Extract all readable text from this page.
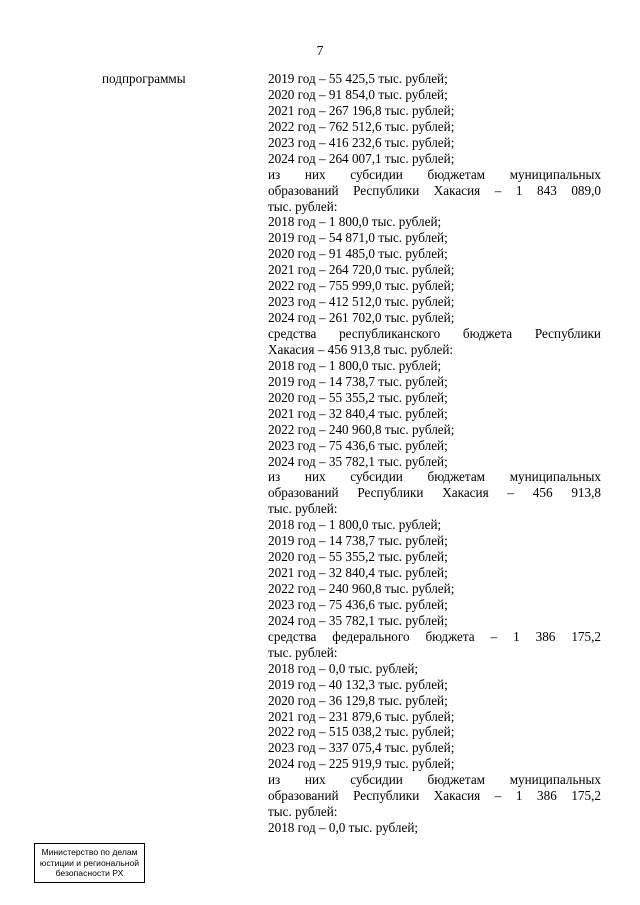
7
подпрограммы	2019 год – 55 425,5 тыс. рублей;
2020 год – 91 854,0 тыс. рублей;
2021 год – 267 196,8 тыс. рублей;
2022 год – 762 512,6 тыс. рублей;
2023 год – 416 232,6 тыс. рублей;
2024 год – 264 007,1 тыс. рублей;
из них субсидии бюджетам муниципальных
образований Республики Хакасия – 1 843 089,0
тыс. рублей:
2018 год – 1 800,0 тыс. рублей;
2019 год – 54 871,0 тыс. рублей;
2020 год – 91 485,0 тыс. рублей;
2021 год – 264 720,0 тыс. рублей;
2022 год – 755 999,0 тыс. рублей;
2023 год – 412 512,0 тыс. рублей;
2024 год – 261 702,0 тыс. рублей;
средства республиканского бюджета Республики
Хакасия – 456 913,8 тыс. рублей:
2018 год – 1 800,0 тыс. рублей;
2019 год – 14 738,7 тыс. рублей;
2020 год – 55 355,2 тыс. рублей;
2021 год – 32 840,4 тыс. рублей;
2022 год – 240 960,8 тыс. рублей;
2023 год – 75 436,6 тыс. рублей;
2024 год – 35 782,1 тыс. рублей;
из них субсидии бюджетам муниципальных
образований Республики Хакасия – 456 913,8
тыс. рублей:
2018 год – 1 800,0 тыс. рублей;
2019 год – 14 738,7 тыс. рублей;
2020 год – 55 355,2 тыс. рублей;
2021 год – 32 840,4 тыс. рублей;
2022 год – 240 960,8 тыс. рублей;
2023 год – 75 436,6 тыс. рублей;
2024 год – 35 782,1 тыс. рублей;
средства федерального бюджета – 1 386 175,2
тыс. рублей:
2018 год – 0,0 тыс. рублей;
2019 год – 40 132,3 тыс. рублей;
2020 год – 36 129,8 тыс. рублей;
2021 год – 231 879,6 тыс. рублей;
2022 год – 515 038,2 тыс. рублей;
2023 год – 337 075,4 тыс. рублей;
2024 год – 225 919,9 тыс. рублей;
из них субсидии бюджетам муниципальных
образований Республики Хакасия – 1 386 175,2
тыс. рублей:
2018 год – 0,0 тыс. рублей;
Министерство по делам
юстиции и региональной
безопасности РХ
